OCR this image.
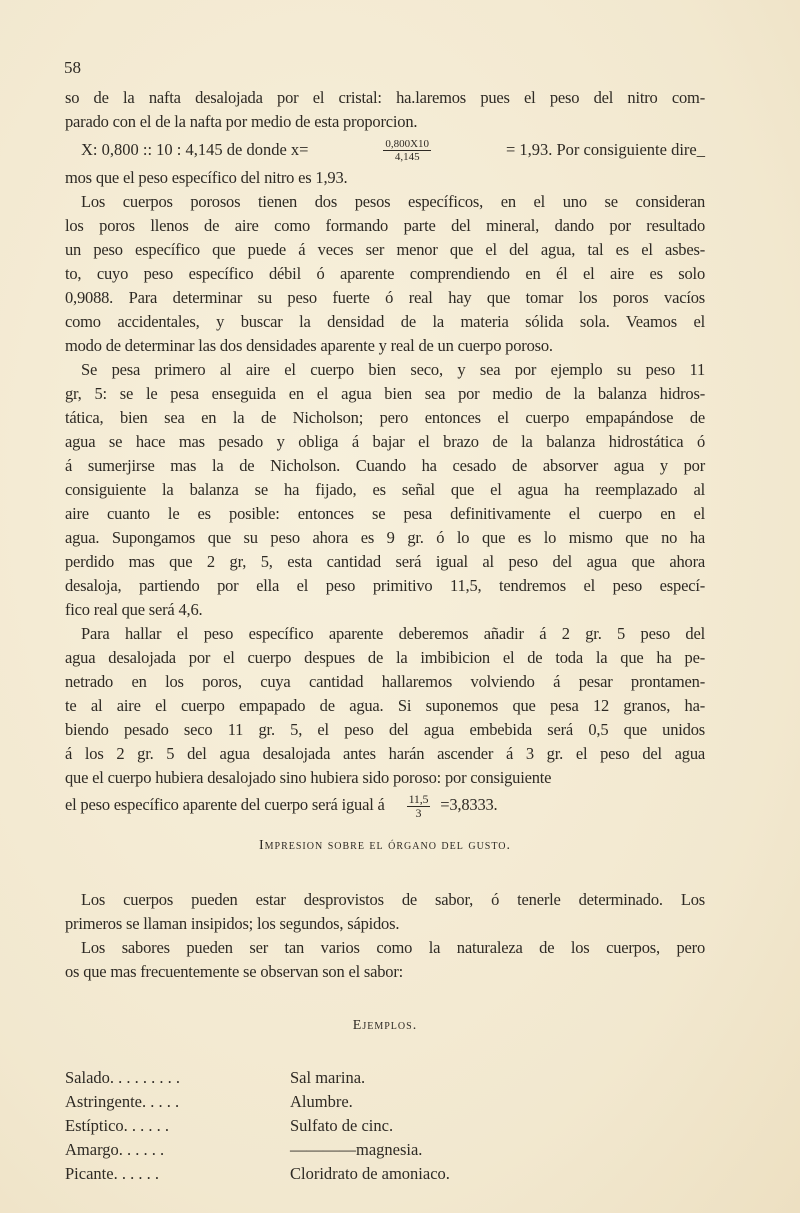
58
so de la nafta desalojada por el cristal: ha.laremos pues el peso del nitro com-
parado con el de la nafta por medio de esta proporcion.
X: 0,800 :: 10 : 4,145 de donde x=	$\frac{0,800X10}{4,145}$	= 1,93. Por consiguiente dire_
mos que el peso específico del nitro es 1,93.
Los cuerpos porosos tienen dos pesos específicos, en el uno se consideran
los poros llenos de aire como formando parte del mineral, dando por resultado
un peso específico que puede á veces ser menor que el del agua, tal es el asbes-
to, cuyo peso específico débil ó aparente comprendiendo en él el aire es solo
0,9088. Para determinar su peso fuerte ó real hay que tomar los poros vacíos
como accidentales, y buscar la densidad de la materia sólida sola. Veamos el
modo de determinar las dos densidades aparente y real de un cuerpo poroso.
Se pesa primero al aire el cuerpo bien seco, y sea por ejemplo su peso 11
gr, 5: se le pesa enseguida en el agua bien sea por medio de la balanza hidros-
tática, bien sea en la de Nicholson; pero entonces el cuerpo empapándose de
agua se hace mas pesado y obliga á bajar el brazo de la balanza hidrostática ó
á sumerjirse mas la de Nicholson. Cuando ha cesado de absorver agua y por
consiguiente la balanza se ha fijado, es señal que el agua ha reemplazado al
aire cuanto le es posible: entonces se pesa definitivamente el cuerpo en el
agua. Supongamos que su peso ahora es 9 gr. ó lo que es lo mismo que no ha
perdido mas que 2 gr, 5, esta cantidad será igual al peso del agua que ahora
desaloja, partiendo por ella el peso primitivo 11,5, tendremos el peso especí-
fico real que será 4,6.
Para hallar el peso específico aparente deberemos añadir á 2 gr. 5 peso del
agua desalojada por el cuerpo despues de la imbibicion el de toda la que ha pe-
netrado en los poros, cuya cantidad hallaremos volviendo á pesar prontamen-
te al aire el cuerpo empapado de agua. Si suponemos que pesa 12 granos, ha-
biendo pesado seco 11 gr. 5, el peso del agua embebida será 0,5 que unidos
á los 2 gr. 5 del agua desalojada antes harán ascender á 3 gr. el peso del agua
que el cuerpo hubiera desalojado sino hubiera sido poroso: por consiguiente
el peso específico aparente del cuerpo será igual á $\frac{11,5}{3} =3,8333$.
Impresion sobre el órgano del gusto.
Los cuerpos pueden estar desprovistos de sabor, ó tenerle determinado. Los
primeros se llaman insipidos; los segundos, sápidos.
Los sabores pueden ser tan varios como la naturaleza de los cuerpos, pero
os que mas frecuentemente se observan son el sabor:
Ejemplos.
Salado. . . . . . . . .	Sal marina.
Astringente. . . . .	Alumbre.
Estíptico. . . . . .	Sulfato de cinc.
Amargo. . . . . .	————magnesia.
Picante. . . . . .	Cloridrato de amoniaco.
